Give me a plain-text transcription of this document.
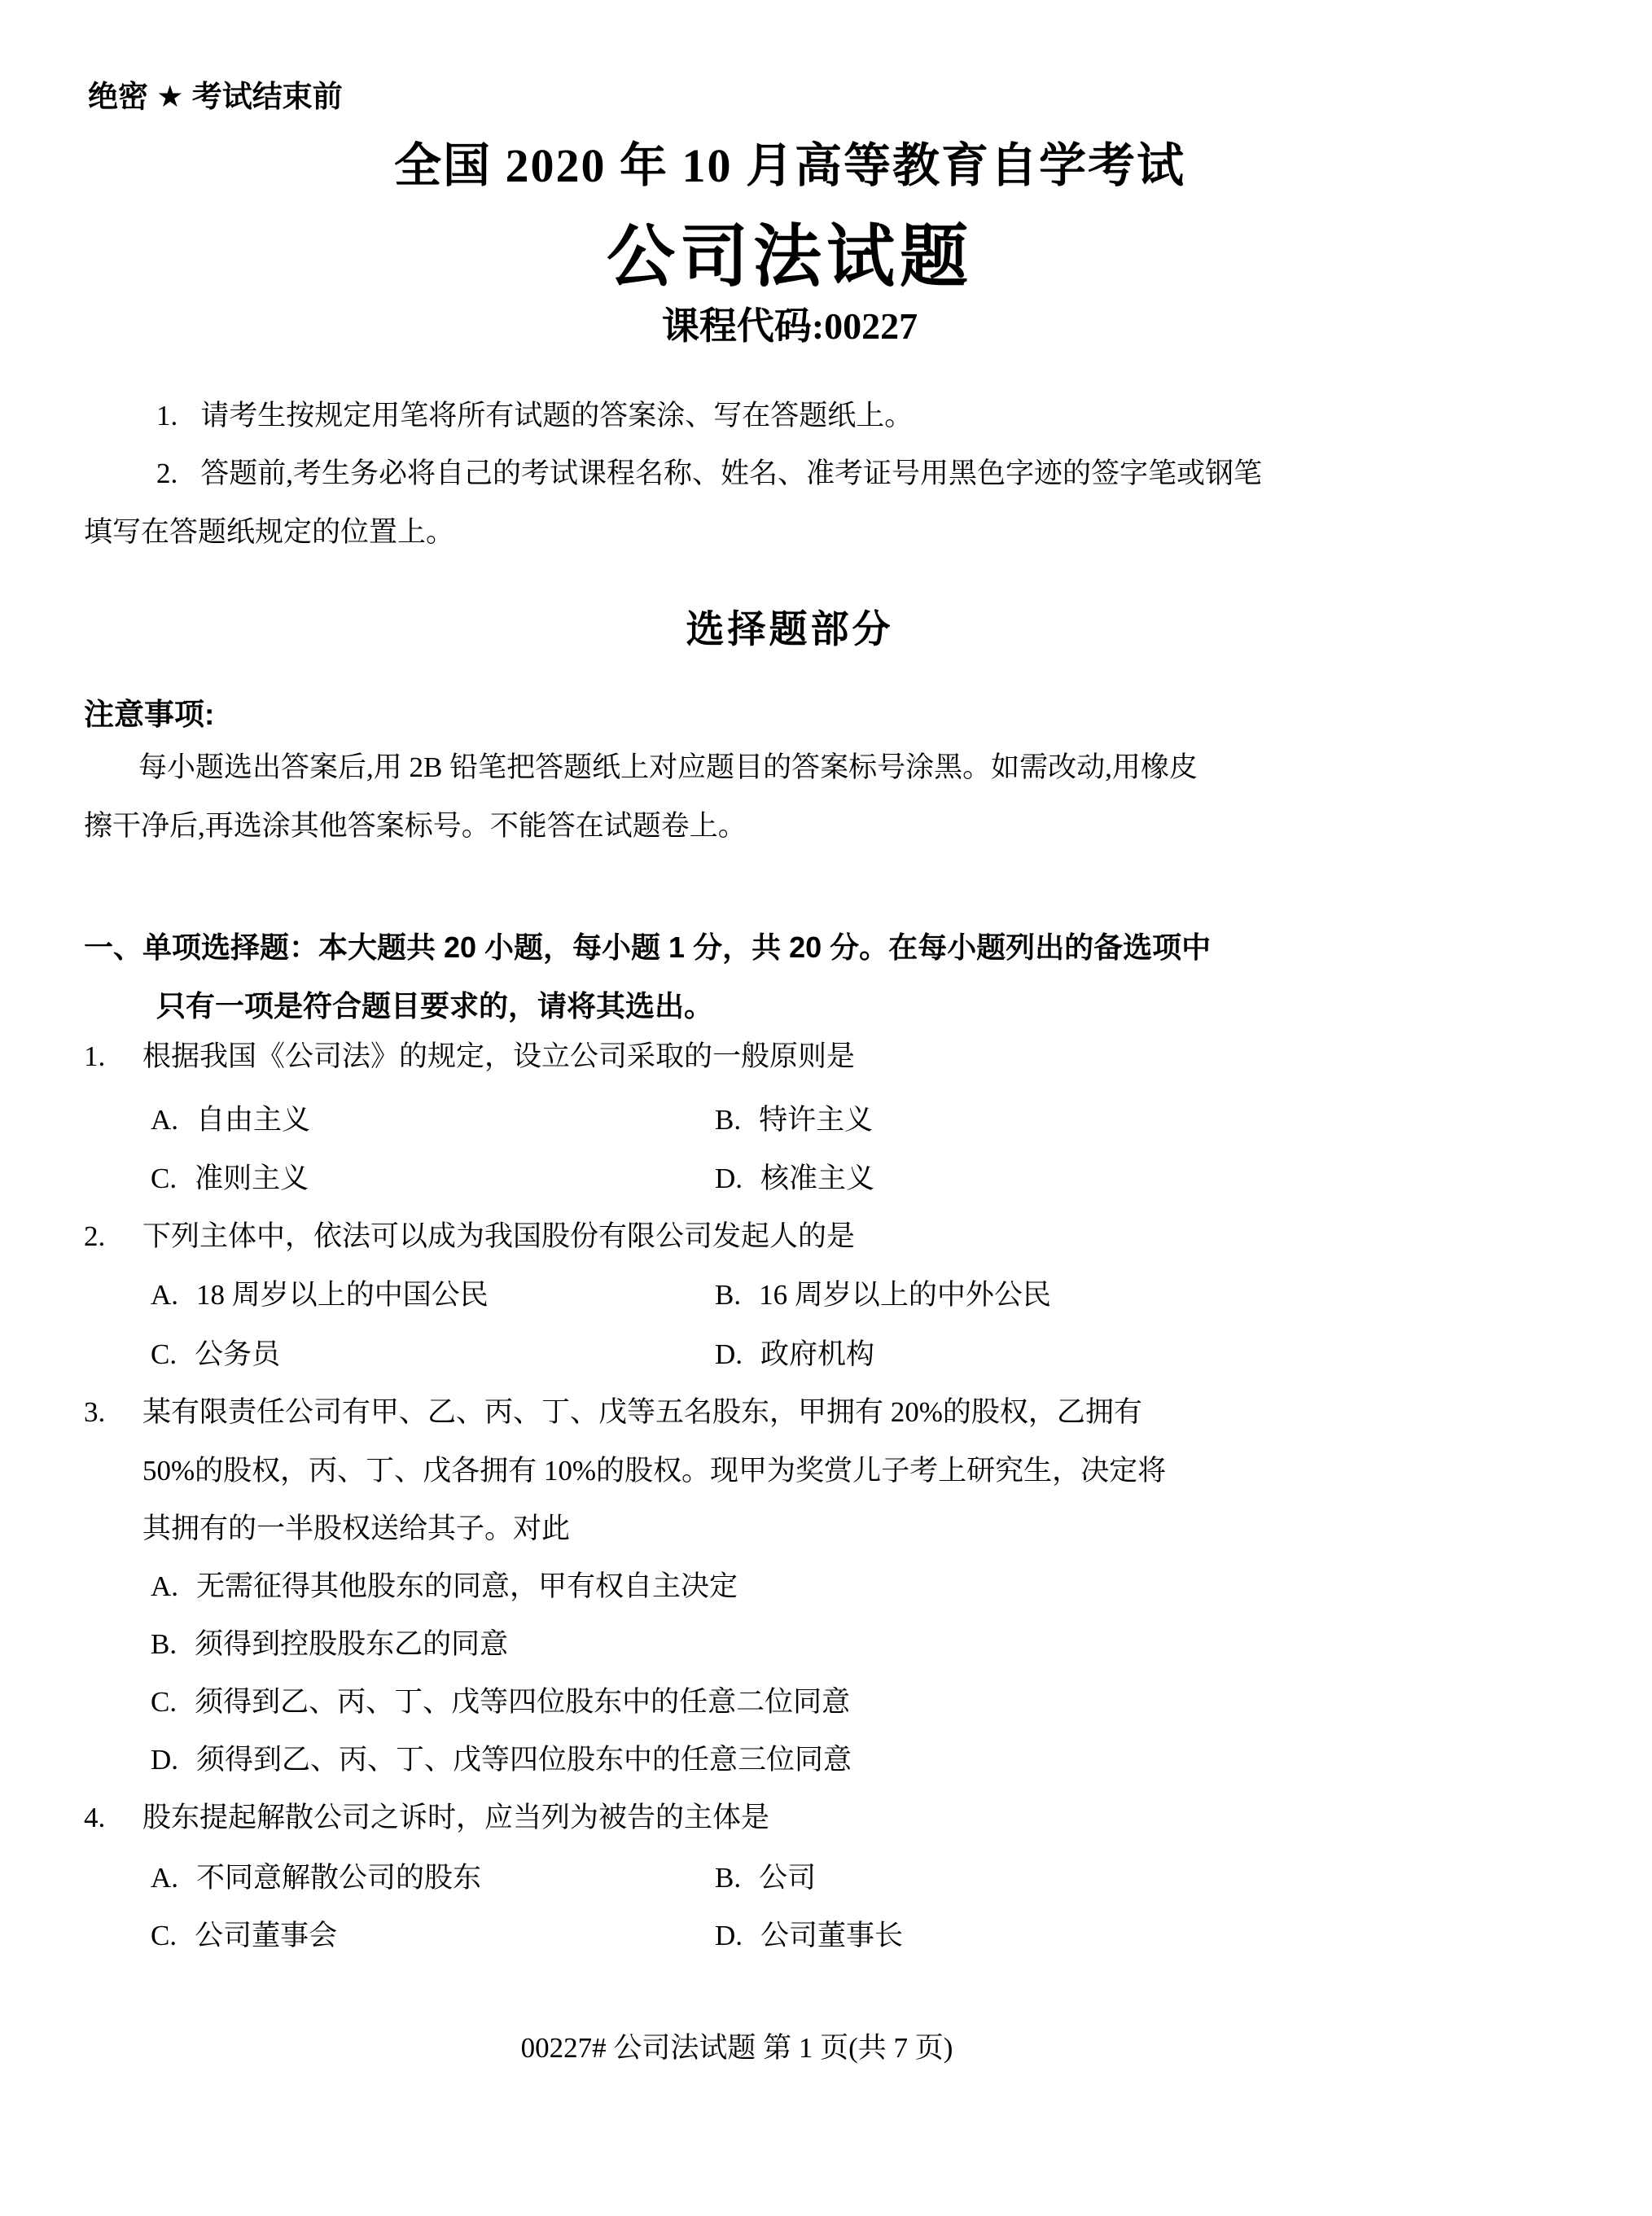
绝密 ★ 考试结束前
全国 2020 年 10 月高等教育自学考试
公司法试题
课程代码:00227
1. 请考生按规定用笔将所有试题的答案涂、写在答题纸上。
2. 答题前,考生务必将自己的考试课程名称、姓名、准考证号用黑色字迹的签字笔或钢笔
填写在答题纸规定的位置上。
选择题部分
注意事项:
每小题选出答案后,用 2B 铅笔把答题纸上对应题目的答案标号涂黑。如需改动,用橡皮
擦干净后,再选涂其他答案标号。不能答在试题卷上。
一、单项选择题：本大题共 20 小题，每小题 1 分，共 20 分。在每小题列出的备选项中
只有一项是符合题目要求的，请将其选出。
1. 根据我国《公司法》的规定，设立公司采取的一般原则是
A. 自由主义	B. 特许主义
C. 准则主义	D. 核准主义
2. 下列主体中，依法可以成为我国股份有限公司发起人的是
A. 18 周岁以上的中国公民	B. 16 周岁以上的中外公民
C. 公务员	D. 政府机构
3. 某有限责任公司有甲、乙、丙、丁、戊等五名股东，甲拥有 20%的股权，乙拥有
50%的股权，丙、丁、戊各拥有 10%的股权。现甲为奖赏儿子考上研究生，决定将
其拥有的一半股权送给其子。对此
A. 无需征得其他股东的同意，甲有权自主决定
B. 须得到控股股东乙的同意
C. 须得到乙、丙、丁、戊等四位股东中的任意二位同意
D. 须得到乙、丙、丁、戊等四位股东中的任意三位同意
4. 股东提起解散公司之诉时，应当列为被告的主体是
A. 不同意解散公司的股东	B. 公司
C. 公司董事会	D. 公司董事长
00227# 公司法试题 第 1 页(共 7 页)
